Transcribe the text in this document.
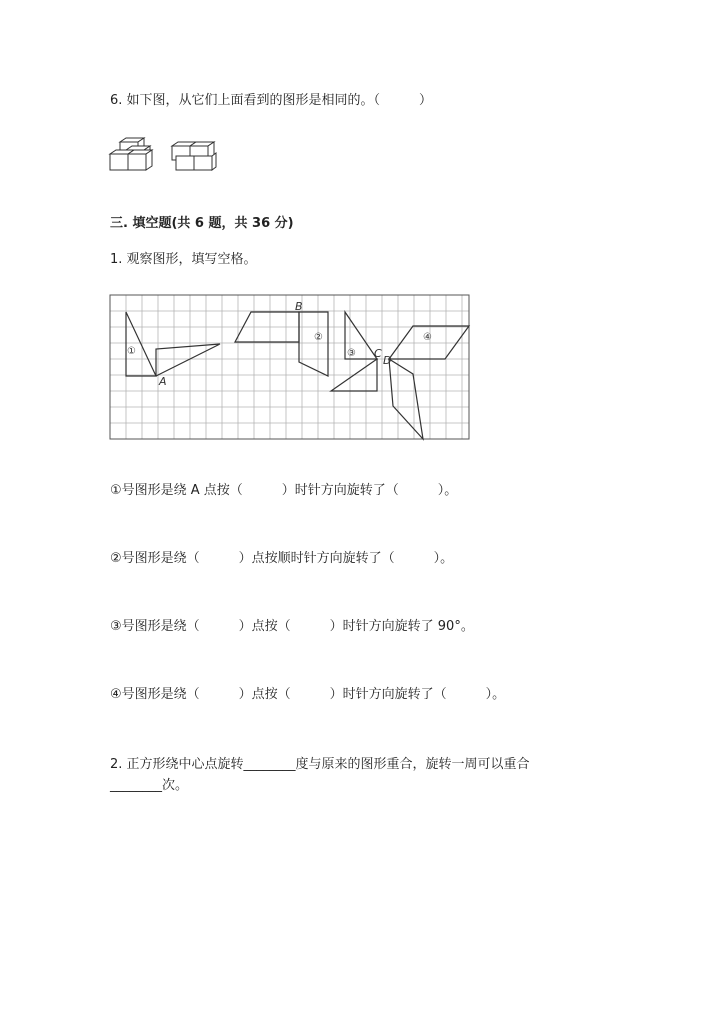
6. 如下图，从它们上面看到的图形是相同的。（　　　）
三. 填空题(共 6 题，共 36 分)
1. 观察图形，填写空格。
①
②
③
④
A
B
C
D
①号图形是绕 A 点按（　　　）时针方向旋转了（　　　）。
②号图形是绕（　　　）点按顺时针方向旋转了（　　　）。
③号图形是绕（　　　）点按（　　　）时针方向旋转了 90°。
④号图形是绕（　　　）点按（　　　）时针方向旋转了（　　　）。
2. 正方形绕中心点旋转________度与原来的图形重合，旋转一周可以重合
________次。
